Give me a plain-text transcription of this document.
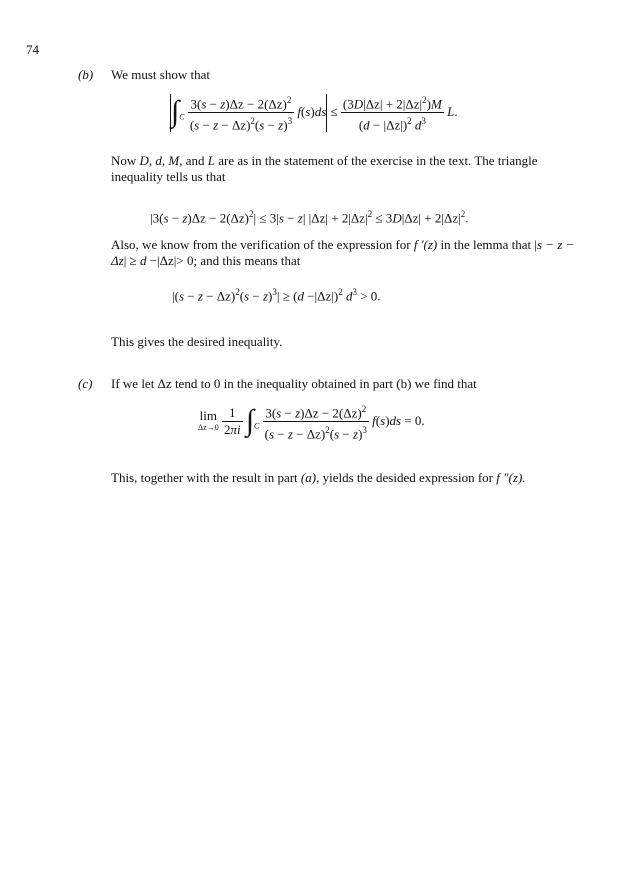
74
(b) We must show that
$\int_C \frac{3(s - z)\Delta z - 2(\Delta z)^2}{(s - z - \Delta z)^2(s - z)^3} f(s)ds \le \frac{(3D|\Delta z| + 2|\Delta z|^2)M}{(d - |\Delta z|)^2 d^3} L$.
Now D, d, M, and L are as in the statement of the exercise in the text. The triangle inequality tells us that
$|3(s - z)\Delta z - 2(\Delta z)^2| \le 3|s - z|$ $|\Delta z| + 2|\Delta z|^2 \le 3D|\Delta z| + 2|\Delta z|^2$.
Also, we know from the verification of the expression for f '(z) in the lemma that |s − z − Δz| ≥ d −|Δz|> 0; and this means that
$|(s - z - \Delta z)^2(s - z)^3| \ge (d -|\Delta z|)^2$ $d^3 > 0$.
This gives the desired inequality.
(c) If we let Δz tend to 0 in the inequality obtained in part (b) we find that
lim
Δz→0
$\frac{1}{2\pi i} \int_C \frac{3(s - z)\Delta z - 2(\Delta z)^2}{(s - z - \Delta z)^2(s - z)^3} f(s)ds = 0$.
This, together with the result in part (a), yields the desided expression for f "(z).
